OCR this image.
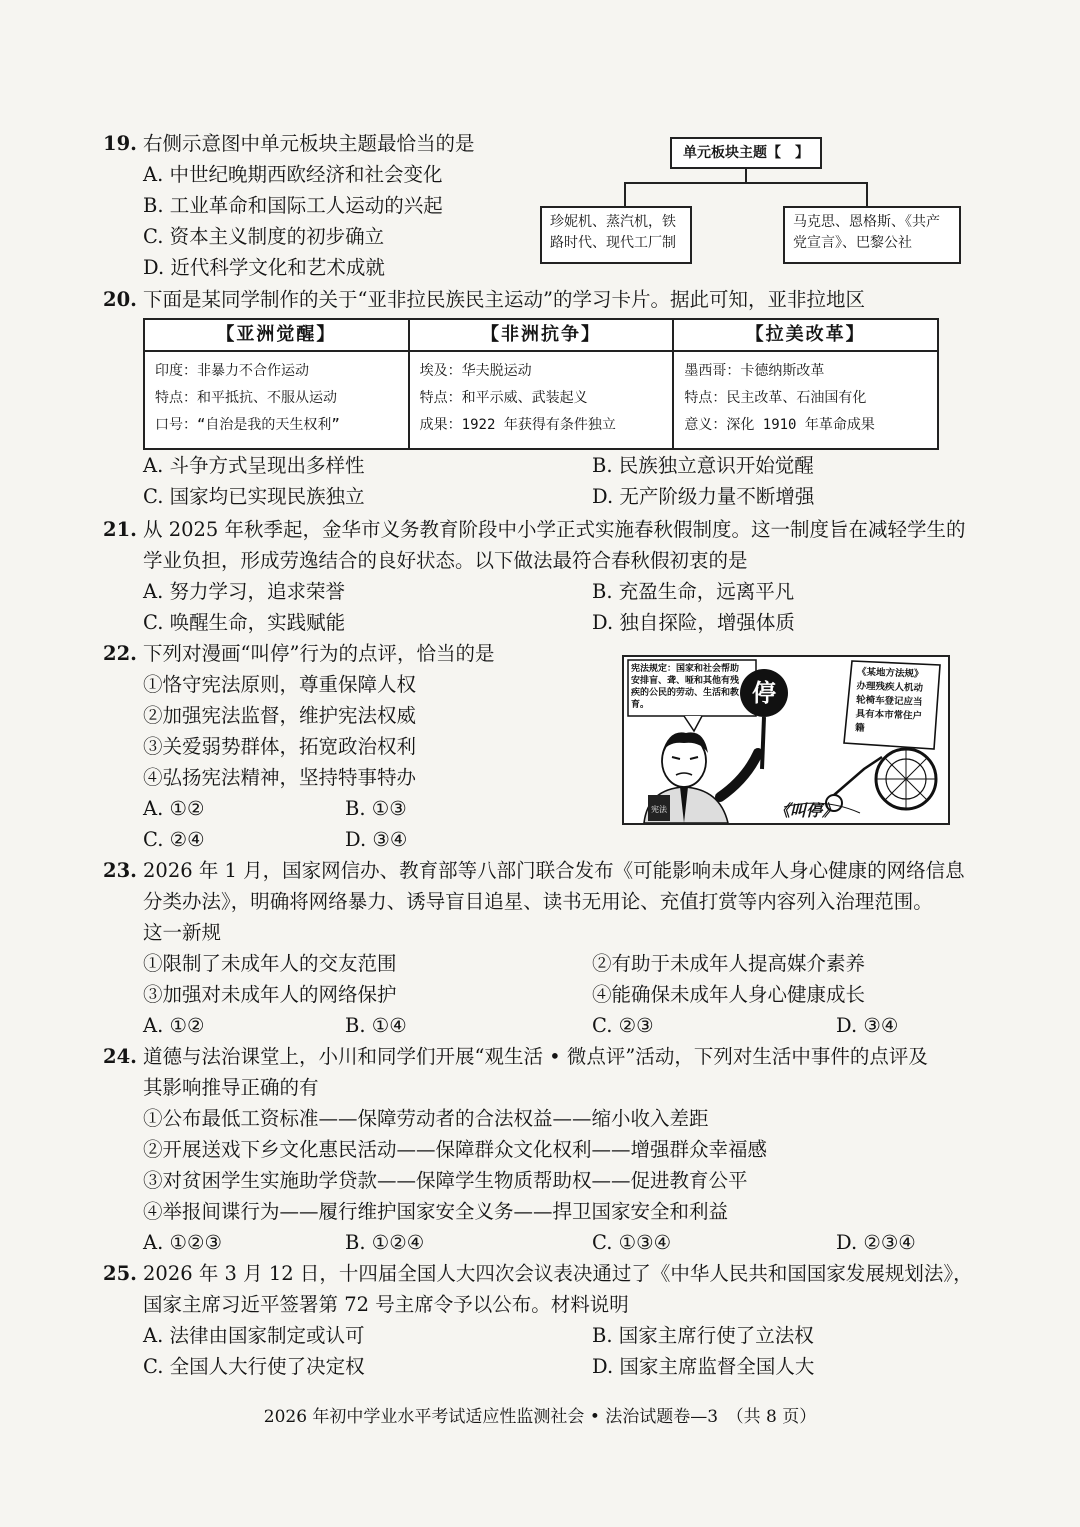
19. 右侧示意图中单元板块主题最恰当的是
A. 中世纪晚期西欧经济和社会变化
B. 工业革命和国际工人运动的兴起
C. 资本主义制度的初步确立
D. 近代科学文化和艺术成就
单元板块主题【　】
珍妮机、蒸汽机，铁
路时代、现代工厂制
马克思、恩格斯、《共产
党宣言》、巴黎公社
20. 下面是某同学制作的关于“亚非拉民族民主运动”的学习卡片。据此可知，亚非拉地区
【亚洲觉醒】
印度：非暴力不合作运动
特点：和平抵抗、不服从运动
口号：“自治是我的天生权利”
【非洲抗争】
埃及：华夫脱运动
特点：和平示威、武装起义
成果：1922 年获得有条件独立
【拉美改革】
墨西哥：卡德纳斯改革
特点：民主改革、石油国有化
意义：深化 1910 年革命成果
A. 斗争方式呈现出多样性	B. 民族独立意识开始觉醒
C. 国家均已实现民族独立	D. 无产阶级力量不断增强
21. 从 2025 年秋季起，金华市义务教育阶段中小学正式实施春秋假制度。这一制度旨在减轻学生的
学业负担，形成劳逸结合的良好状态。以下做法最符合春秋假初衷的是
A. 努力学习，追求荣誉	B. 充盈生命，远离平凡
C. 唤醒生命，实践赋能	D. 独自探险，增强体质
22. 下列对漫画“叫停”行为的点评，恰当的是
①恪守宪法原则，尊重保障人权
②加强宪法监督，维护宪法权威
③关爱弱势群体，拓宽政治权利
④弘扬宪法精神，坚持特事特办
A. ①②	B. ①③
C. ②④	D. ③④
宪法规定：国家和社会帮助
安排盲、聋、哑和其他有残
疾的公民的劳动、生活和教
育。	停
《某地方法规》
办理残疾人机动
轮椅车登记应当
具有本市常住户
籍
宪法	《叫停》
23. 2026 年 1 月，国家网信办、教育部等八部门联合发布《可能影响未成年人身心健康的网络信息
分类办法》，明确将网络暴力、诱导盲目追星、读书无用论、充值打赏等内容列入治理范围。
这一新规
①限制了未成年人的交友范围	②有助于未成年人提高媒介素养
③加强对未成年人的网络保护	④能确保未成年人身心健康成长
A. ①②	B. ①④	C. ②③	D. ③④
24. 道德与法治课堂上，小川和同学们开展“观生活 • 微点评”活动，下列对生活中事件的点评及
其影响推导正确的有
①公布最低工资标准——保障劳动者的合法权益——缩小收入差距
②开展送戏下乡文化惠民活动——保障群众文化权利——增强群众幸福感
③对贫困学生实施助学贷款——保障学生物质帮助权——促进教育公平
④举报间谍行为——履行维护国家安全义务——捍卫国家安全和利益
A. ①②③	B. ①②④	C. ①③④	D. ②③④
25. 2026 年 3 月 12 日，十四届全国人大四次会议表决通过了《中华人民共和国国家发展规划法》，
国家主席习近平签署第 72 号主席令予以公布。材料说明
A. 法律由国家制定或认可	B. 国家主席行使了立法权
C. 全国人大行使了决定权	D. 国家主席监督全国人大
2026 年初中学业水平考试适应性监测社会 • 法治试题卷—3　（共 8 页）
